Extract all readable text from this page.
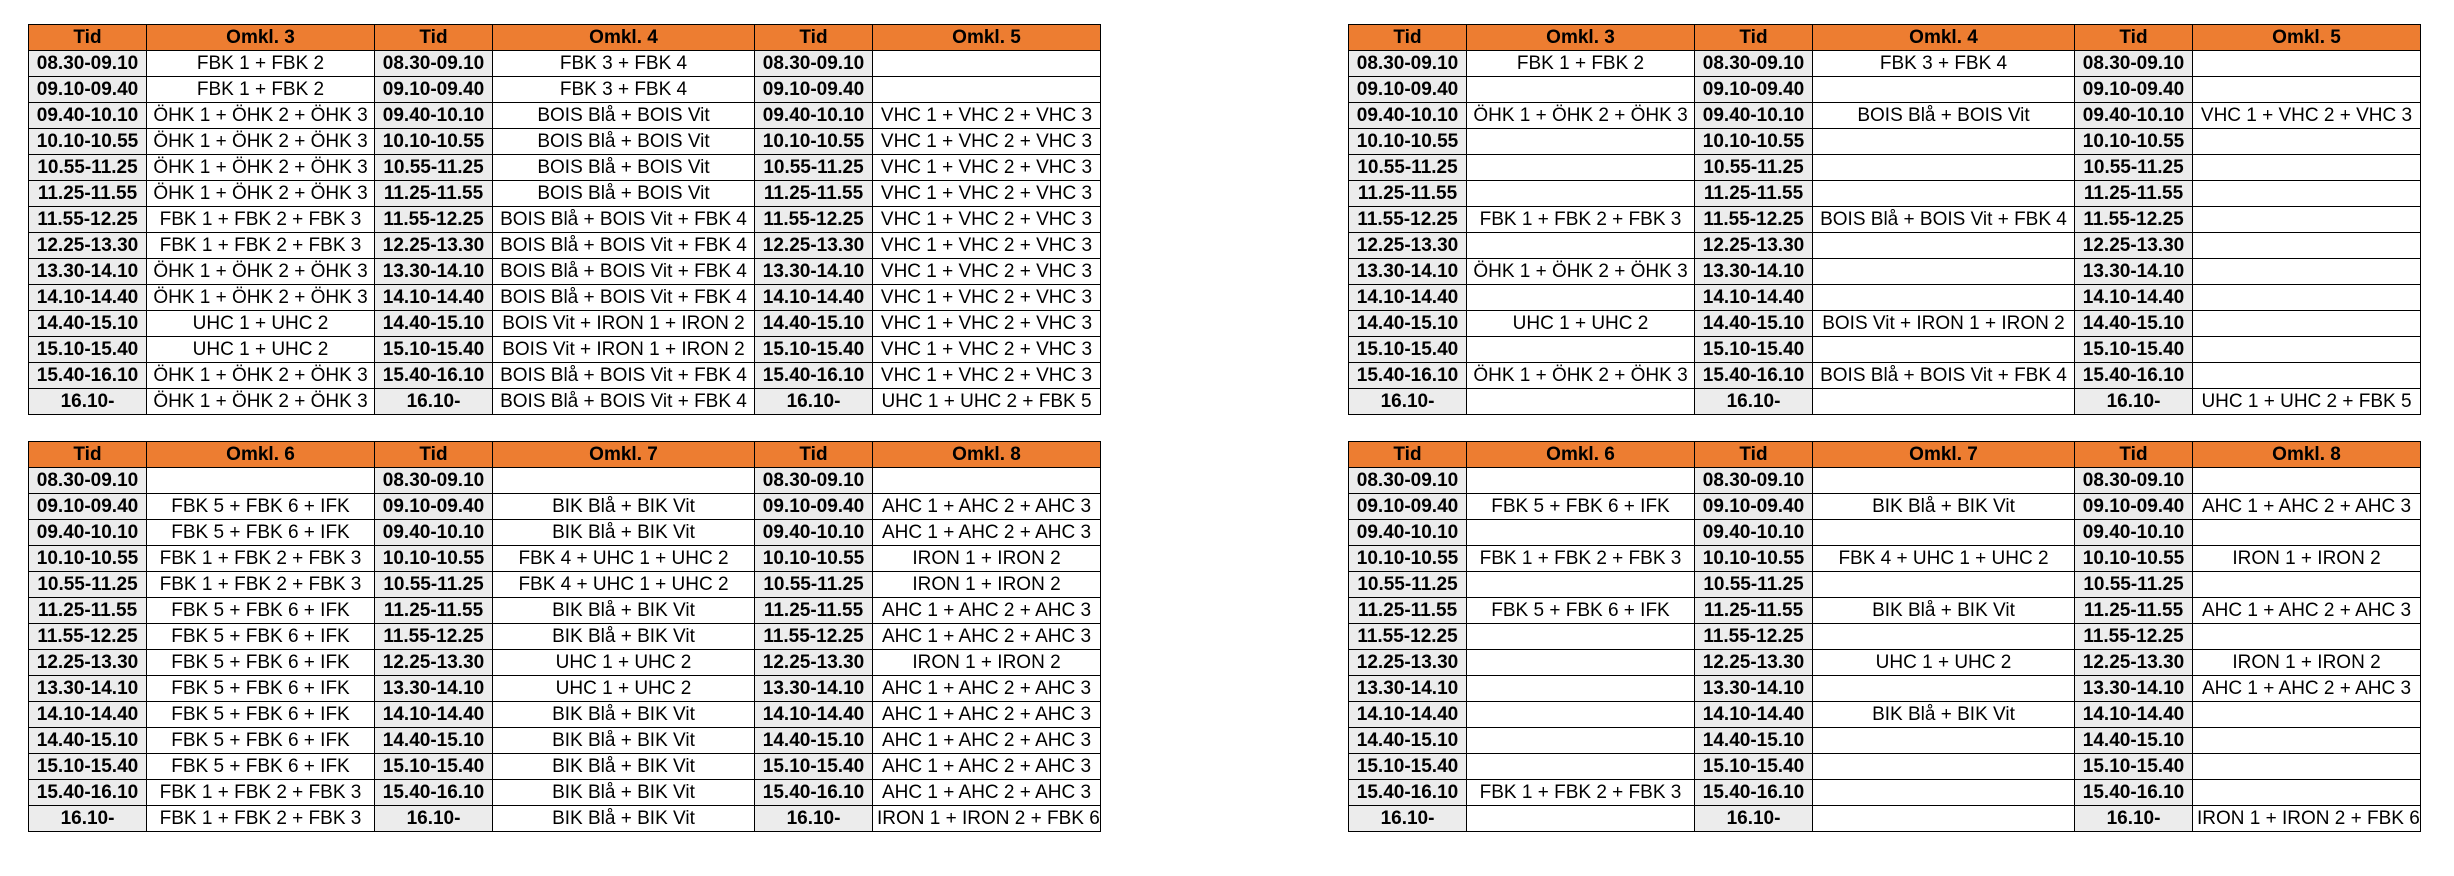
Tid	Omkl. 3	Tid	Omkl. 4	Tid	Omkl. 5
08.30-09.10	FBK 1 + FBK 2	08.30-09.10	FBK 3 + FBK 4	08.30-09.10	
09.10-09.40	FBK 1 + FBK 2	09.10-09.40	FBK 3 + FBK 4	09.10-09.40	
09.40-10.10	ÖHK 1 + ÖHK 2 + ÖHK 3	09.40-10.10	BOIS Blå + BOIS Vit	09.40-10.10	VHC 1 + VHC 2 + VHC 3
10.10-10.55	ÖHK 1 + ÖHK 2 + ÖHK 3	10.10-10.55	BOIS Blå + BOIS Vit	10.10-10.55	VHC 1 + VHC 2 + VHC 3
10.55-11.25	ÖHK 1 + ÖHK 2 + ÖHK 3	10.55-11.25	BOIS Blå + BOIS Vit	10.55-11.25	VHC 1 + VHC 2 + VHC 3
11.25-11.55	ÖHK 1 + ÖHK 2 + ÖHK 3	11.25-11.55	BOIS Blå + BOIS Vit	11.25-11.55	VHC 1 + VHC 2 + VHC 3
11.55-12.25	FBK 1 + FBK 2 + FBK 3	11.55-12.25	BOIS Blå + BOIS Vit + FBK 4	11.55-12.25	VHC 1 + VHC 2 + VHC 3
12.25-13.30	FBK 1 + FBK 2 + FBK 3	12.25-13.30	BOIS Blå + BOIS Vit + FBK 4	12.25-13.30	VHC 1 + VHC 2 + VHC 3
13.30-14.10	ÖHK 1 + ÖHK 2 + ÖHK 3	13.30-14.10	BOIS Blå + BOIS Vit + FBK 4	13.30-14.10	VHC 1 + VHC 2 + VHC 3
14.10-14.40	ÖHK 1 + ÖHK 2 + ÖHK 3	14.10-14.40	BOIS Blå + BOIS Vit + FBK 4	14.10-14.40	VHC 1 + VHC 2 + VHC 3
14.40-15.10	UHC 1 + UHC 2	14.40-15.10	BOIS Vit + IRON 1 + IRON 2	14.40-15.10	VHC 1 + VHC 2 + VHC 3
15.10-15.40	UHC 1 + UHC 2	15.10-15.40	BOIS Vit + IRON 1 + IRON 2	15.10-15.40	VHC 1 + VHC 2 + VHC 3
15.40-16.10	ÖHK 1 + ÖHK 2 + ÖHK 3	15.40-16.10	BOIS Blå + BOIS Vit + FBK 4	15.40-16.10	VHC 1 + VHC 2 + VHC 3
16.10-	ÖHK 1 + ÖHK 2 + ÖHK 3	16.10-	BOIS Blå + BOIS Vit + FBK 4	16.10-	UHC 1 + UHC 2 + FBK 5

Tid	Omkl. 6	Tid	Omkl. 7	Tid	Omkl. 8
08.30-09.10		08.30-09.10		08.30-09.10	
09.10-09.40	FBK 5 + FBK 6 + IFK	09.10-09.40	BIK Blå + BIK Vit	09.10-09.40	AHC 1 + AHC 2 + AHC 3
09.40-10.10	FBK 5 + FBK 6 + IFK	09.40-10.10	BIK Blå + BIK Vit	09.40-10.10	AHC 1 + AHC 2 + AHC 3
10.10-10.55	FBK 1 + FBK 2 + FBK 3	10.10-10.55	FBK 4 + UHC 1 + UHC 2	10.10-10.55	IRON 1 + IRON 2
10.55-11.25	FBK 1 + FBK 2 + FBK 3	10.55-11.25	FBK 4 + UHC 1 + UHC 2	10.55-11.25	IRON 1 + IRON 2
11.25-11.55	FBK 5 + FBK 6 + IFK	11.25-11.55	BIK Blå + BIK Vit	11.25-11.55	AHC 1 + AHC 2 + AHC 3
11.55-12.25	FBK 5 + FBK 6 + IFK	11.55-12.25	BIK Blå + BIK Vit	11.55-12.25	AHC 1 + AHC 2 + AHC 3
12.25-13.30	FBK 5 + FBK 6 + IFK	12.25-13.30	UHC 1 + UHC 2	12.25-13.30	IRON 1 + IRON 2
13.30-14.10	FBK 5 + FBK 6 + IFK	13.30-14.10	UHC 1 + UHC 2	13.30-14.10	AHC 1 + AHC 2 + AHC 3
14.10-14.40	FBK 5 + FBK 6 + IFK	14.10-14.40	BIK Blå + BIK Vit	14.10-14.40	AHC 1 + AHC 2 + AHC 3
14.40-15.10	FBK 5 + FBK 6 + IFK	14.40-15.10	BIK Blå + BIK Vit	14.40-15.10	AHC 1 + AHC 2 + AHC 3
15.10-15.40	FBK 5 + FBK 6 + IFK	15.10-15.40	BIK Blå + BIK Vit	15.10-15.40	AHC 1 + AHC 2 + AHC 3
15.40-16.10	FBK 1 + FBK 2 + FBK 3	15.40-16.10	BIK Blå + BIK Vit	15.40-16.10	AHC 1 + AHC 2 + AHC 3
16.10-	FBK 1 + FBK 2 + FBK 3	16.10-	BIK Blå + BIK Vit	16.10-	IRON 1 + IRON 2 + FBK 6
Tid	Omkl. 3	Tid	Omkl. 4	Tid	Omkl. 5
08.30-09.10	FBK 1 + FBK 2	08.30-09.10	FBK 3 + FBK 4	08.30-09.10	
09.10-09.40		09.10-09.40		09.10-09.40	
09.40-10.10	ÖHK 1 + ÖHK 2 + ÖHK 3	09.40-10.10	BOIS Blå + BOIS Vit	09.40-10.10	VHC 1 + VHC 2 + VHC 3
10.10-10.55		10.10-10.55		10.10-10.55	
10.55-11.25		10.55-11.25		10.55-11.25	
11.25-11.55		11.25-11.55		11.25-11.55	
11.55-12.25	FBK 1 + FBK 2 + FBK 3	11.55-12.25	BOIS Blå + BOIS Vit + FBK 4	11.55-12.25	
12.25-13.30		12.25-13.30		12.25-13.30	
13.30-14.10	ÖHK 1 + ÖHK 2 + ÖHK 3	13.30-14.10		13.30-14.10	
14.10-14.40		14.10-14.40		14.10-14.40	
14.40-15.10	UHC 1 + UHC 2	14.40-15.10	BOIS Vit + IRON 1 + IRON 2	14.40-15.10	
15.10-15.40		15.10-15.40		15.10-15.40	
15.40-16.10	ÖHK 1 + ÖHK 2 + ÖHK 3	15.40-16.10	BOIS Blå + BOIS Vit + FBK 4	15.40-16.10	
16.10-		16.10-		16.10-	UHC 1 + UHC 2 + FBK 5

Tid	Omkl. 6	Tid	Omkl. 7	Tid	Omkl. 8
08.30-09.10		08.30-09.10		08.30-09.10	
09.10-09.40	FBK 5 + FBK 6 + IFK	09.10-09.40	BIK Blå + BIK Vit	09.10-09.40	AHC 1 + AHC 2 + AHC 3
09.40-10.10		09.40-10.10		09.40-10.10	
10.10-10.55	FBK 1 + FBK 2 + FBK 3	10.10-10.55	FBK 4 + UHC 1 + UHC 2	10.10-10.55	IRON 1 + IRON 2
10.55-11.25		10.55-11.25		10.55-11.25	
11.25-11.55	FBK 5 + FBK 6 + IFK	11.25-11.55	BIK Blå + BIK Vit	11.25-11.55	AHC 1 + AHC 2 + AHC 3
11.55-12.25		11.55-12.25		11.55-12.25	
12.25-13.30		12.25-13.30	UHC 1 + UHC 2	12.25-13.30	IRON 1 + IRON 2
13.30-14.10		13.30-14.10		13.30-14.10	AHC 1 + AHC 2 + AHC 3
14.10-14.40		14.10-14.40	BIK Blå + BIK Vit	14.10-14.40	
14.40-15.10		14.40-15.10		14.40-15.10	
15.10-15.40		15.10-15.40		15.10-15.40	
15.40-16.10	FBK 1 + FBK 2 + FBK 3	15.40-16.10		15.40-16.10	
16.10-		16.10-		16.10-	IRON 1 + IRON 2 + FBK 6
